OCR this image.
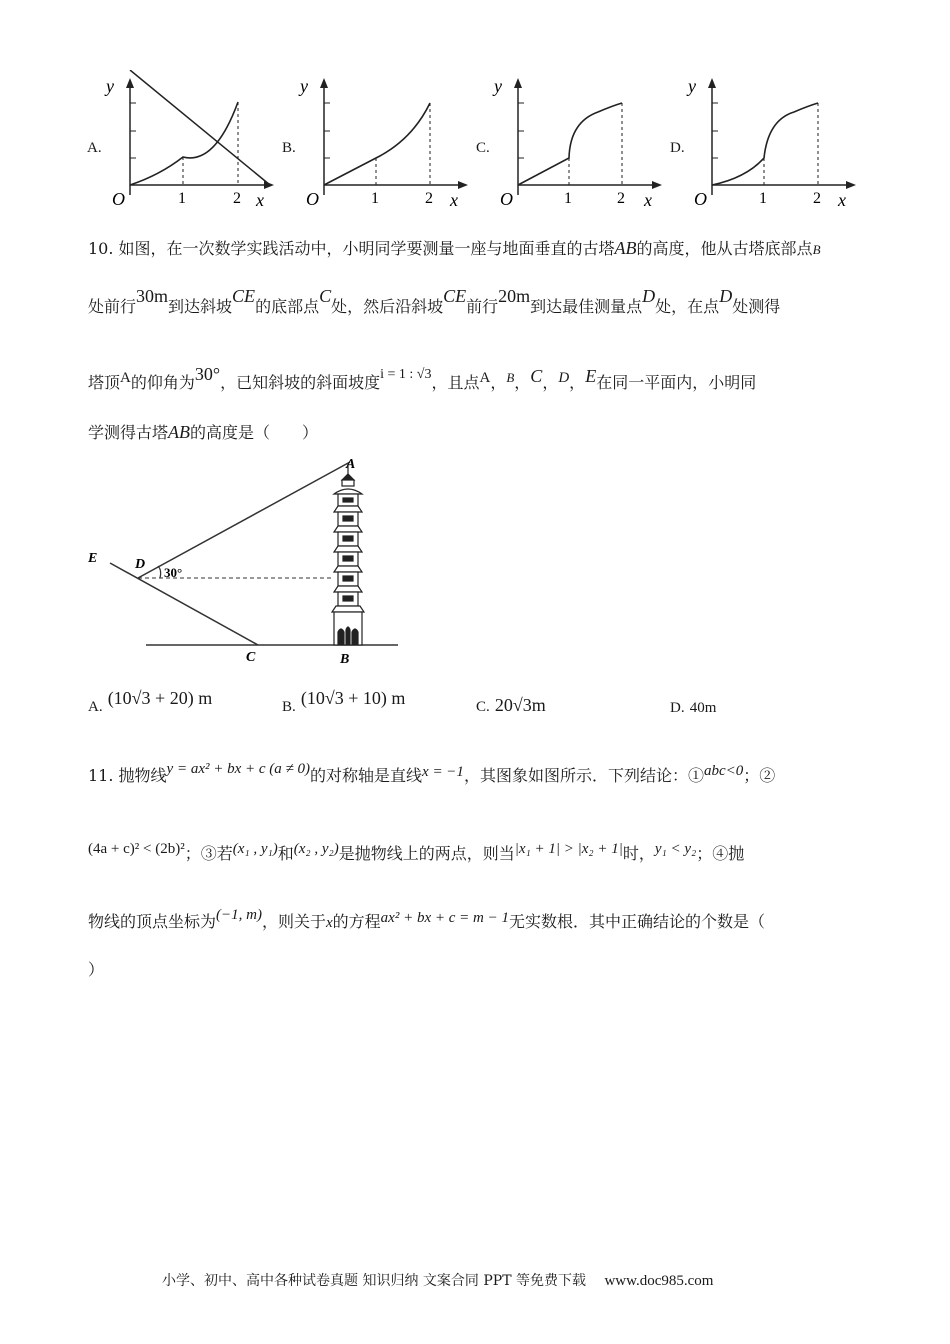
A.
y
O	1	2 x
B.
y
O	1	2 x
C.
y
O	1	2 x
D.
y
O	1	2 x
10. 如图，在一次数学实践活动中，小明同学要测量一座与地面垂直的古塔AB的高度，他从古塔底部点B
处前行30m到达斜坡CE的底部点C处，然后沿斜坡CE前行20m到达最佳测量点D处，在点D处测得
塔顶A的仰角为30°，已知斜坡的斜面坡度i = 1 : √3，且点A，$^B$，C，D，E在同一平面内，小明同
学测得古塔AB的高度是（　　）
A
E	D
30°
C	B
A. (10√3 + 20) m	B. (10√3 + 10) m	C. 20√3m	D. 40m
11. 抛物线y = ax² + bx + c (a ≠ 0)的对称轴是直线x = −1，其图象如图所示．下列结论：①abc<0；②
(4a + c)² < (2b)²；③若(x₁ , y₁)和(x₂ , y₂)是抛物线上的两点，则当|x₁ + 1| > |x₂ + 1|时，y₁ < y₂；④抛
物线的顶点坐标为(−1, m)，则关于x的方程ax² + bx + c = m − 1无实数根．其中正确结论的个数是（
）
小学、初中、高中各种试卷真题 知识归纳 文案合同 PPT 等免费下载 www.doc985.com
